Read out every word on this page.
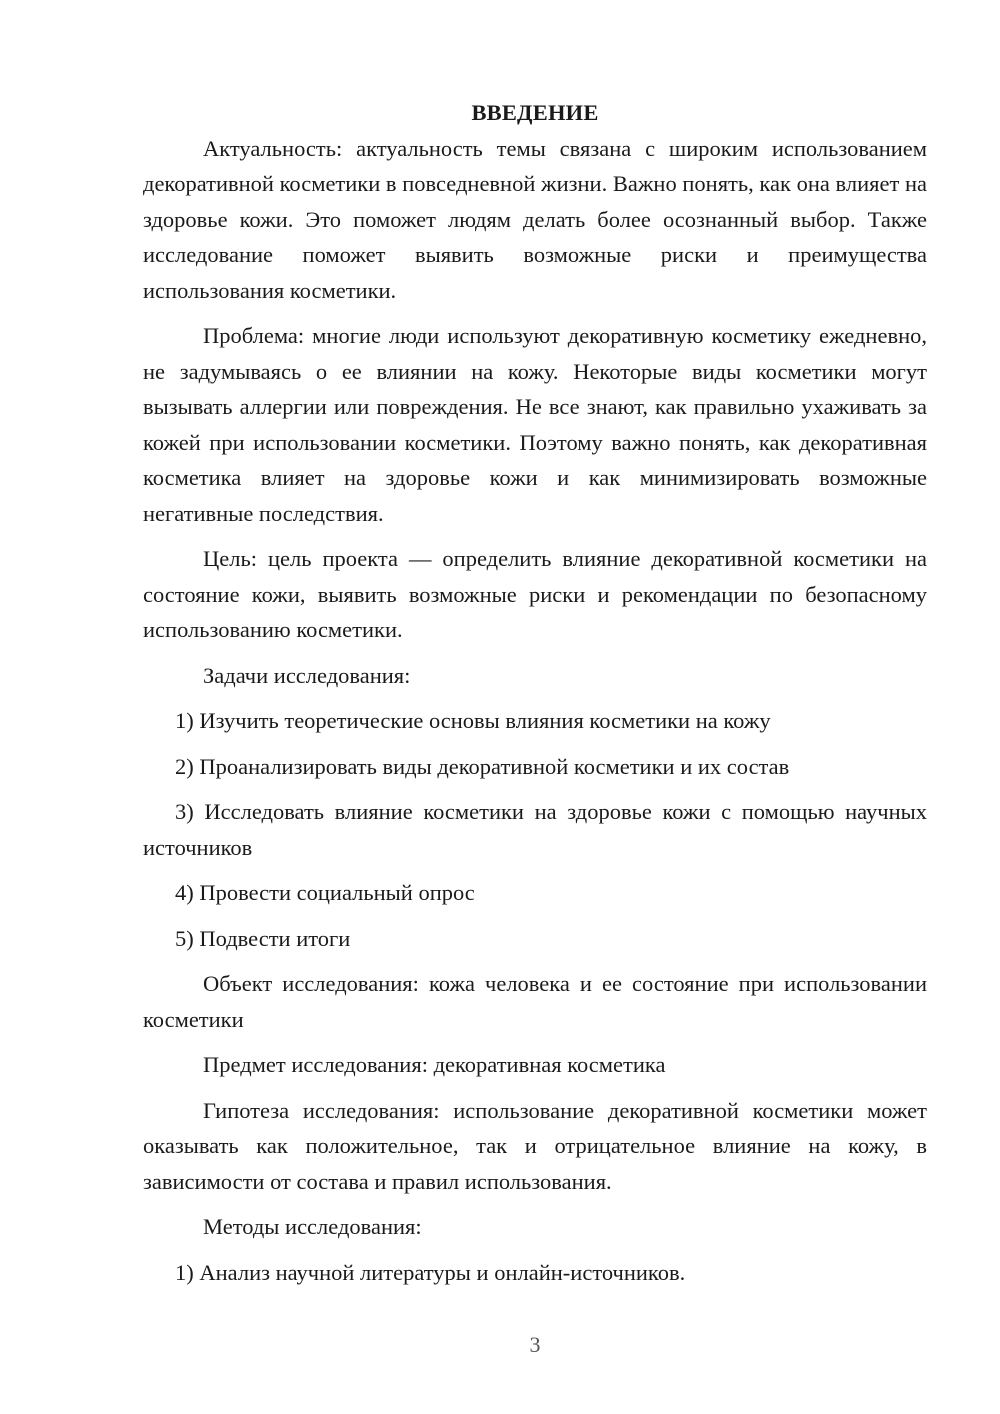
ВВЕДЕНИЕ

Актуальность: актуальность темы связана с широким использованием декоративной косметики в повседневной жизни. Важно понять, как она влияет на здоровье кожи. Это поможет людям делать более осознанный выбор. Также исследование поможет выявить возможные риски и преимущества использования косметики.

Проблема: многие люди используют декоративную косметику ежедневно, не задумываясь о ее влиянии на кожу. Некоторые виды косметики могут вызывать аллергии или повреждения. Не все знают, как правильно ухаживать за кожей при использовании косметики. Поэтому важно понять, как декоративная косметика влияет на здоровье кожи и как минимизировать возможные негативные последствия.

Цель: цель проекта — определить влияние декоративной косметики на состояние кожи, выявить возможные риски и рекомендации по безопасному использованию косметики.

Задачи исследования:

1) Изучить теоретические основы влияния косметики на кожу

2) Проанализировать виды декоративной косметики и их состав

3) Исследовать влияние косметики на здоровье кожи с помощью научных источников

4) Провести социальный опрос

5) Подвести итоги

Объект исследования: кожа человека и ее состояние при использовании косметики

Предмет исследования: декоративная косметика

Гипотеза исследования: использование декоративной косметики может оказывать как положительное, так и отрицательное влияние на кожу, в зависимости от состава и правил использования.

Методы исследования:

1) Анализ научной литературы и онлайн-источников.

3
